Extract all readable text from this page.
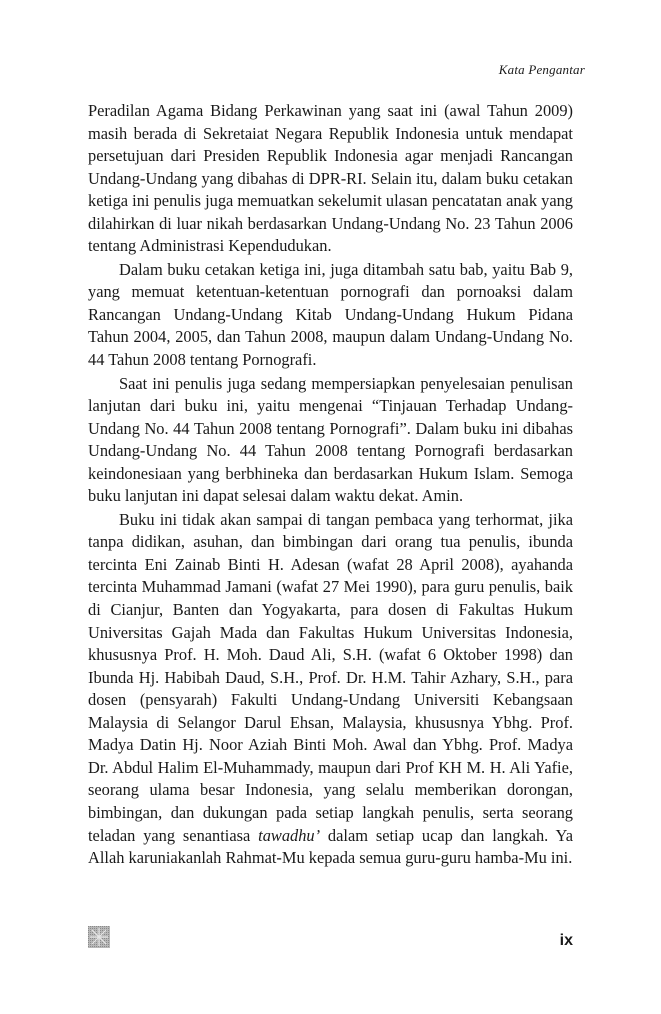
Kata Pengantar

Peradilan Agama Bidang Perkawinan yang saat ini (awal Tahun 2009) masih berada di Sekretaiat Negara Republik Indonesia untuk mendapat persetujuan dari Presiden Republik Indonesia agar menjadi Rancangan Undang-Undang yang dibahas di DPR-RI. Selain itu, dalam buku cetakan ketiga ini penulis juga memuatkan sekelumit ulasan pencatatan anak yang dilahirkan di luar nikah berdasarkan Undang-Undang No. 23 Tahun 2006 tentang Administrasi Kependudukan.

Dalam buku cetakan ketiga ini, juga ditambah satu bab, yaitu Bab 9, yang memuat ketentuan-ketentuan pornografi dan pornoaksi dalam Rancangan Undang-Undang Kitab Undang-Undang Hukum Pidana Tahun 2004, 2005, dan Tahun 2008, maupun dalam Undang-Undang No. 44 Tahun 2008 tentang Pornografi.

Saat ini penulis juga sedang mempersiapkan penyelesaian penulisan lanjutan dari buku ini, yaitu mengenai “Tinjauan Terhadap Undang-Undang No. 44 Tahun 2008 tentang Pornografi”. Dalam buku ini dibahas Undang-Undang No. 44 Tahun 2008 tentang Pornografi berdasarkan keindonesiaan yang berbhineka dan berdasarkan Hukum Islam. Semoga buku lanjutan ini dapat selesai dalam waktu dekat. Amin.

Buku ini tidak akan sampai di tangan pembaca yang terhormat, jika tanpa didikan, asuhan, dan bimbingan dari orang tua penulis, ibunda tercinta Eni Zainab Binti H. Adesan (wafat 28 April 2008), ayahanda tercinta Muhammad Jamani (wafat 27 Mei 1990), para guru penulis, baik di Cianjur, Banten dan Yogyakarta, para dosen di Fakultas Hukum Universitas Gajah Mada dan Fakultas Hukum Universitas Indonesia, khususnya Prof. H. Moh. Daud Ali, S.H. (wafat 6 Oktober 1998) dan Ibunda Hj. Habibah Daud, S.H., Prof. Dr. H.M. Tahir Azhary, S.H., para dosen (pensyarah) Fakulti Undang-Undang Universiti Kebangsaan Malaysia di Selangor Darul Ehsan, Malaysia, khususnya Ybhg. Prof. Madya Datin Hj. Noor Aziah Binti Moh. Awal dan Ybhg. Prof. Madya Dr. Abdul Halim El-Muhammady, maupun dari Prof KH M. H. Ali Yafie, seorang ulama besar Indonesia, yang selalu memberikan dorongan, bimbingan, dan dukungan pada setiap langkah penulis, serta seorang teladan yang senantiasa tawadhu’ dalam setiap ucap dan langkah. Ya Allah karuniakanlah Rahmat-Mu kepada semua guru-guru hamba-Mu ini.

ix
